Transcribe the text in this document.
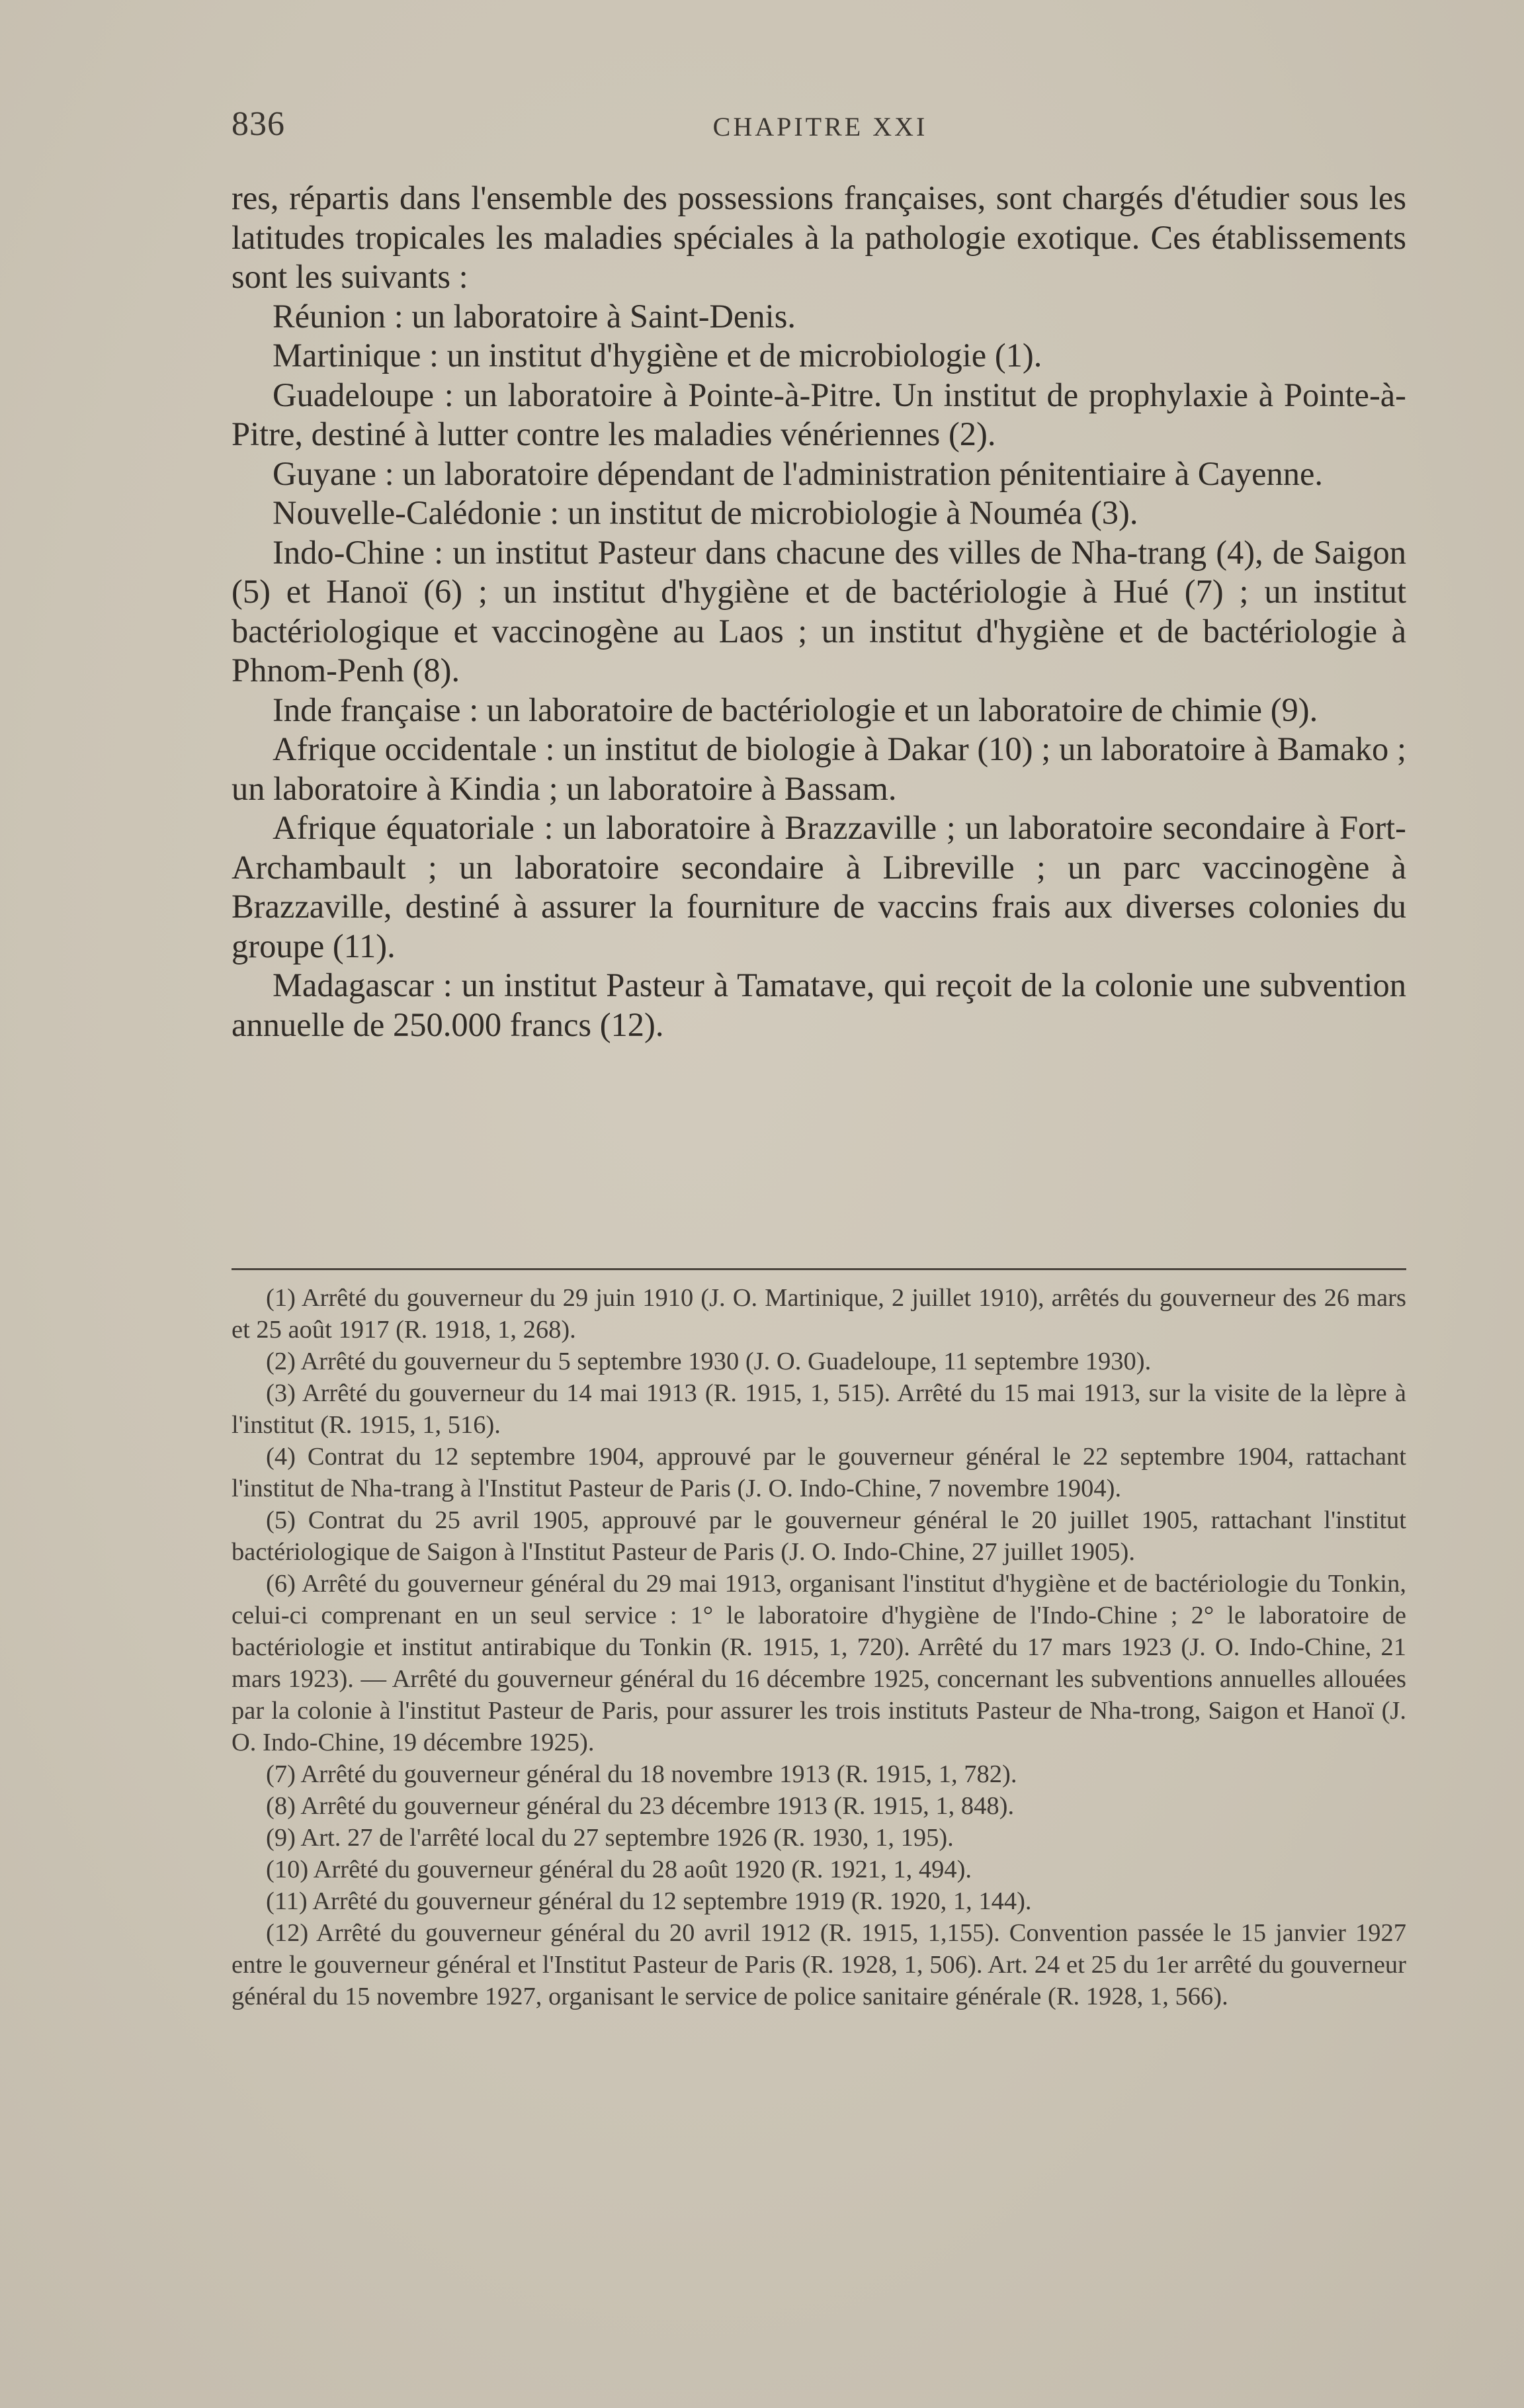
836	CHAPITRE XXI

res, répartis dans l'ensemble des possessions françaises, sont chargés d'étudier sous les latitudes tropicales les maladies spéciales à la pathologie exotique. Ces établissements sont les suivants :

Réunion : un laboratoire à Saint-Denis.

Martinique : un institut d'hygiène et de microbiologie (1).

Guadeloupe : un laboratoire à Pointe-à-Pitre. Un institut de prophylaxie à Pointe-à-Pitre, destiné à lutter contre les maladies vénériennes (2).

Guyane : un laboratoire dépendant de l'administration pénitentiaire à Cayenne.

Nouvelle-Calédonie : un institut de microbiologie à Nouméa (3).

Indo-Chine : un institut Pasteur dans chacune des villes de Nha-trang (4), de Saigon (5) et Hanoï (6) ; un institut d'hygiène et de bactériologie à Hué (7) ; un institut bactériologique et vaccinogène au Laos ; un institut d'hygiène et de bactériologie à Phnom-Penh (8).

Inde française : un laboratoire de bactériologie et un laboratoire de chimie (9).

Afrique occidentale : un institut de biologie à Dakar (10) ; un laboratoire à Bamako ; un laboratoire à Kindia ; un laboratoire à Bassam.

Afrique équatoriale : un laboratoire à Brazzaville ; un laboratoire secondaire à Fort-Archambault ; un laboratoire secondaire à Libreville ; un parc vaccinogène à Brazzaville, destiné à assurer la fourniture de vaccins frais aux diverses colonies du groupe (11).

Madagascar : un institut Pasteur à Tamatave, qui reçoit de la colonie une subvention annuelle de 250.000 francs (12).

(1) Arrêté du gouverneur du 29 juin 1910 (J. O. Martinique, 2 juillet 1910), arrêtés du gouverneur des 26 mars et 25 août 1917 (R. 1918, 1, 268).

(2) Arrêté du gouverneur du 5 septembre 1930 (J. O. Guadeloupe, 11 septembre 1930).

(3) Arrêté du gouverneur du 14 mai 1913 (R. 1915, 1, 515). Arrêté du 15 mai 1913, sur la visite de la lèpre à l'institut (R. 1915, 1, 516).

(4) Contrat du 12 septembre 1904, approuvé par le gouverneur général le 22 septembre 1904, rattachant l'institut de Nha-trang à l'Institut Pasteur de Paris (J. O. Indo-Chine, 7 novembre 1904).

(5) Contrat du 25 avril 1905, approuvé par le gouverneur général le 20 juillet 1905, rattachant l'institut bactériologique de Saigon à l'Institut Pasteur de Paris (J. O. Indo-Chine, 27 juillet 1905).

(6) Arrêté du gouverneur général du 29 mai 1913, organisant l'institut d'hygiène et de bactériologie du Tonkin, celui-ci comprenant en un seul service : 1° le laboratoire d'hygiène de l'Indo-Chine ; 2° le laboratoire de bactériologie et institut antirabique du Tonkin (R. 1915, 1, 720). Arrêté du 17 mars 1923 (J. O. Indo-Chine, 21 mars 1923). — Arrêté du gouverneur général du 16 décembre 1925, concernant les subventions annuelles allouées par la colonie à l'institut Pasteur de Paris, pour assurer les trois instituts Pasteur de Nha-trong, Saigon et Hanoï (J. O. Indo-Chine, 19 décembre 1925).

(7) Arrêté du gouverneur général du 18 novembre 1913 (R. 1915, 1, 782).

(8) Arrêté du gouverneur général du 23 décembre 1913 (R. 1915, 1, 848).

(9) Art. 27 de l'arrêté local du 27 septembre 1926 (R. 1930, 1, 195).

(10) Arrêté du gouverneur général du 28 août 1920 (R. 1921, 1, 494).

(11) Arrêté du gouverneur général du 12 septembre 1919 (R. 1920, 1, 144).

(12) Arrêté du gouverneur général du 20 avril 1912 (R. 1915, 1,155). Convention passée le 15 janvier 1927 entre le gouverneur général et l'Institut Pasteur de Paris (R. 1928, 1, 506). Art. 24 et 25 du 1er arrêté du gouverneur général du 15 novembre 1927, organisant le service de police sanitaire générale (R. 1928, 1, 566).
